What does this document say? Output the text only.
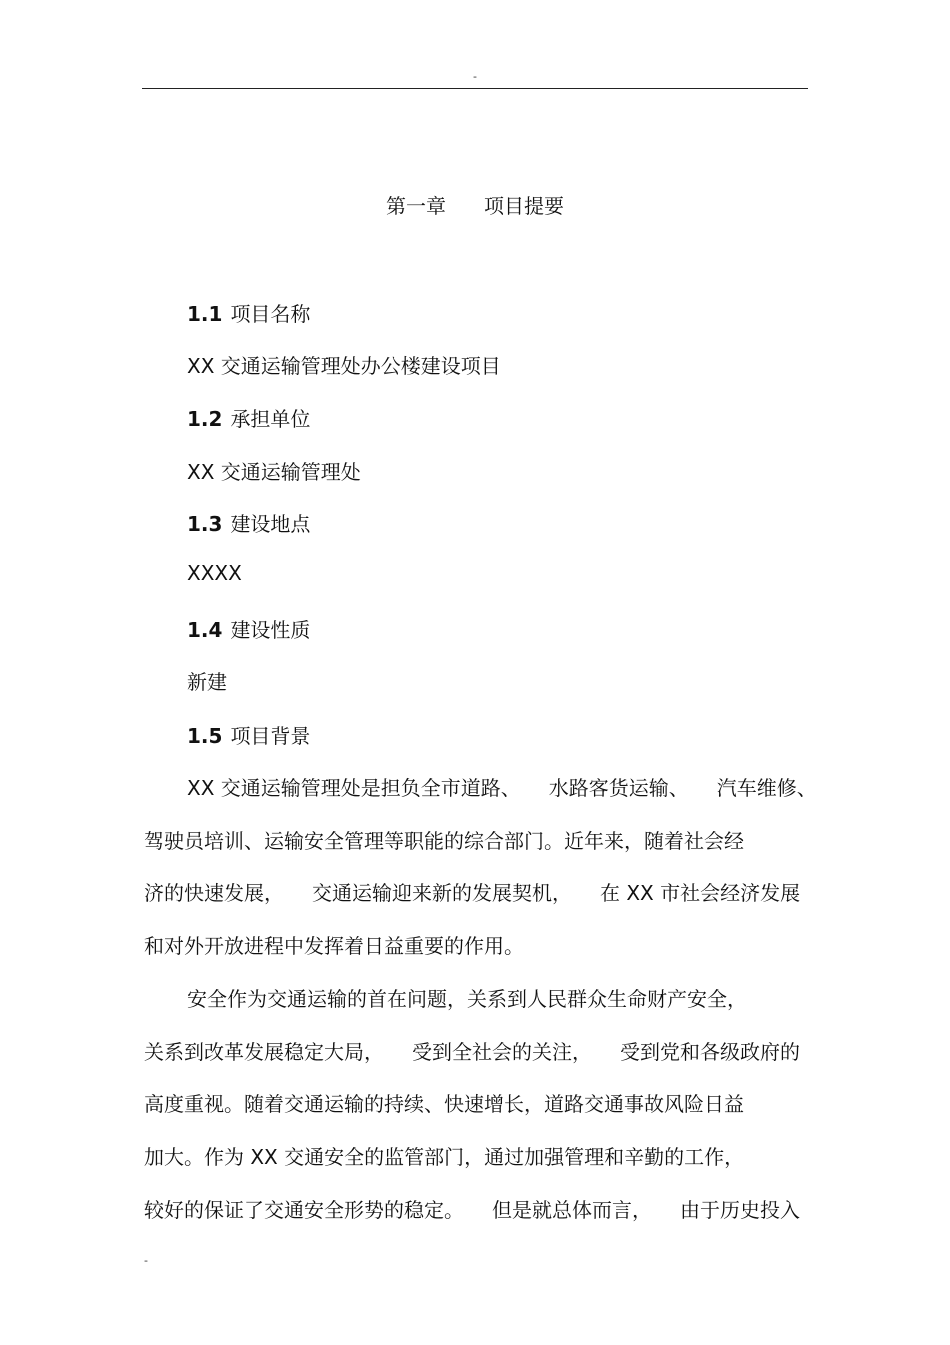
-
第一章 项目提要
1.1 项目名称
XX 交通运输管理处办公楼建设项目
1.2 承担单位
XX 交通运输管理处
1.3 建设地点
XXXX
1.4 建设性质
新建
1.5 项目背景
XX 交通运输管理处是担负全市道路、 水路客货运输、 汽车维修、
驾驶员培训、运输安全管理等职能的综合部门。近年来，随着社会经
济的快速发展， 交通运输迎来新的发展契机， 在 XX 市社会经济发展
和对外开放进程中发挥着日益重要的作用。
安全作为交通运输的首在问题，关系到人民群众生命财产安全，
关系到改革发展稳定大局， 受到全社会的关注， 受到党和各级政府的
高度重视。随着交通运输的持续、快速增长，道路交通事故风险日益
加大。作为 XX 交通安全的监管部门，通过加强管理和辛勤的工作，
较好的保证了交通安全形势的稳定。 但是就总体而言， 由于历史投入
-
